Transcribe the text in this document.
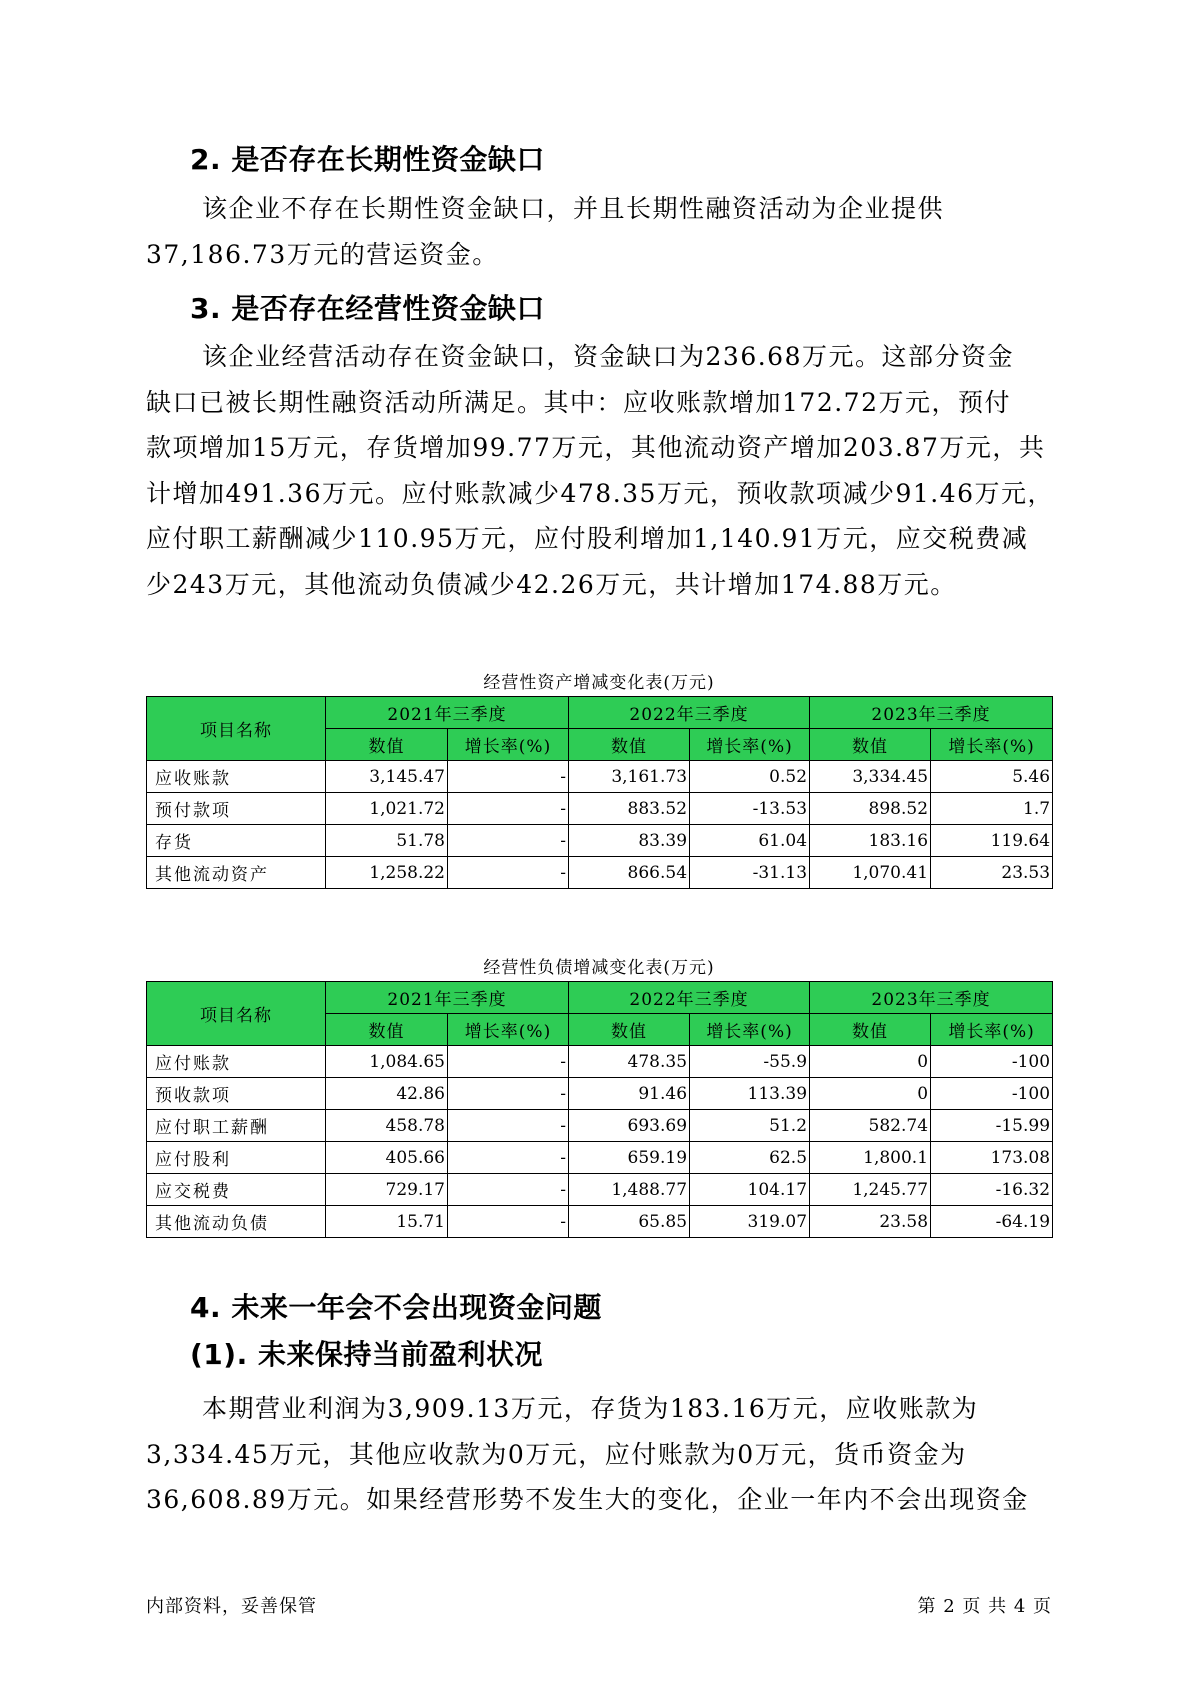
2. 是否存在长期性资金缺口
该企业不存在长期性资金缺口，并且长期性融资活动为企业提供
37,186.73万元的营运资金。
3. 是否存在经营性资金缺口
该企业经营活动存在资金缺口，资金缺口为236.68万元。这部分资金
缺口已被长期性融资活动所满足。其中：应收账款增加172.72万元，预付
款项增加15万元，存货增加99.77万元，其他流动资产增加203.87万元，共
计增加491.36万元。应付账款减少478.35万元，预收款项减少91.46万元，
应付职工薪酬减少110.95万元，应付股利增加1,140.91万元，应交税费减
少243万元，其他流动负债减少42.26万元，共计增加174.88万元。
经营性资产增减变化表(万元)
项目名称	2021年三季度		2022年三季度		2023年三季度	
	数值	增长率(%)	数值	增长率(%)	数值	增长率(%)
应收账款	3,145.47	-	3,161.73	0.52	3,334.45	5.46
预付款项	1,021.72	-	883.52	-13.53	898.52	1.7
存货	51.78	-	83.39	61.04	183.16	119.64
其他流动资产	1,258.22	-	866.54	-31.13	1,070.41	23.53
经营性负债增减变化表(万元)
项目名称	2021年三季度		2022年三季度		2023年三季度	
	数值	增长率(%)	数值	增长率(%)	数值	增长率(%)
应付账款	1,084.65	-	478.35	-55.9	0	-100
预收款项	42.86	-	91.46	113.39	0	-100
应付职工薪酬	458.78	-	693.69	51.2	582.74	-15.99
应付股利	405.66	-	659.19	62.5	1,800.1	173.08
应交税费	729.17	-	1,488.77	104.17	1,245.77	-16.32
其他流动负债	15.71	-	65.85	319.07	23.58	-64.19
4. 未来一年会不会出现资金问题
(1). 未来保持当前盈利状况
本期营业利润为3,909.13万元，存货为183.16万元，应收账款为
3,334.45万元，其他应收款为0万元，应付账款为0万元，货币资金为
36,608.89万元。如果经营形势不发生大的变化，企业一年内不会出现资金
内部资料，妥善保管	第 2 页 共 4 页
